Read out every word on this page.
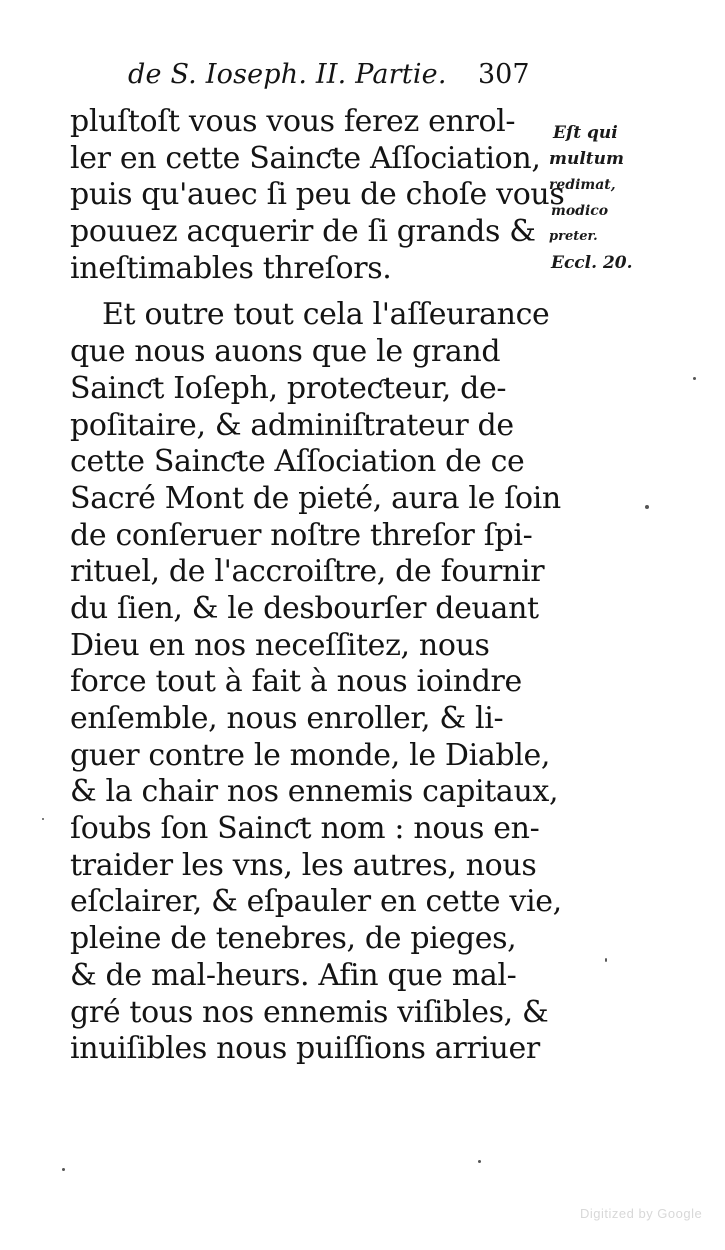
de S. Ioseph. II. Partie. 307
pluſtoſt vous vous ferez enrol-
ler en cette Sainƈte Aſſociation,
puis qu'auec ſi peu de choſe vous
pouuez acquerir de ſi grands &
ineſtimables threſors.
Et outre tout cela l'aſſeurance
que nous auons que le grand
Sainƈt Ioſeph, proteƈteur, de-
poſitaire, & adminiſtrateur de
cette Sainƈte Aſſociation de ce
Sacré Mont de pieté, aura le ſoin
de conſeruer noſtre threſor ſpi-
rituel, de l'accroiſtre, de fournir
du ſien, & le desbourſer deuant
Dieu en nos neceſſitez, nous
force tout à fait à nous ioindre
enſemble, nous enroller, & li-
guer contre le monde, le Diable,
& la chair nos ennemis capitaux,
ſoubs ſon Sainƈt nom : nous en-
traider les vns, les autres, nous
eſclairer, & eſpauler en cette vie,
pleine de tenebres, de pieges,
& de mal-heurs. Afin que mal-
gré tous nos ennemis viſibles, &
inuiſibles nous puiſſions arriuer
Eſt qui
multum
redimat,
modico
preter.
Eccl. 20.
Digitized by Google
